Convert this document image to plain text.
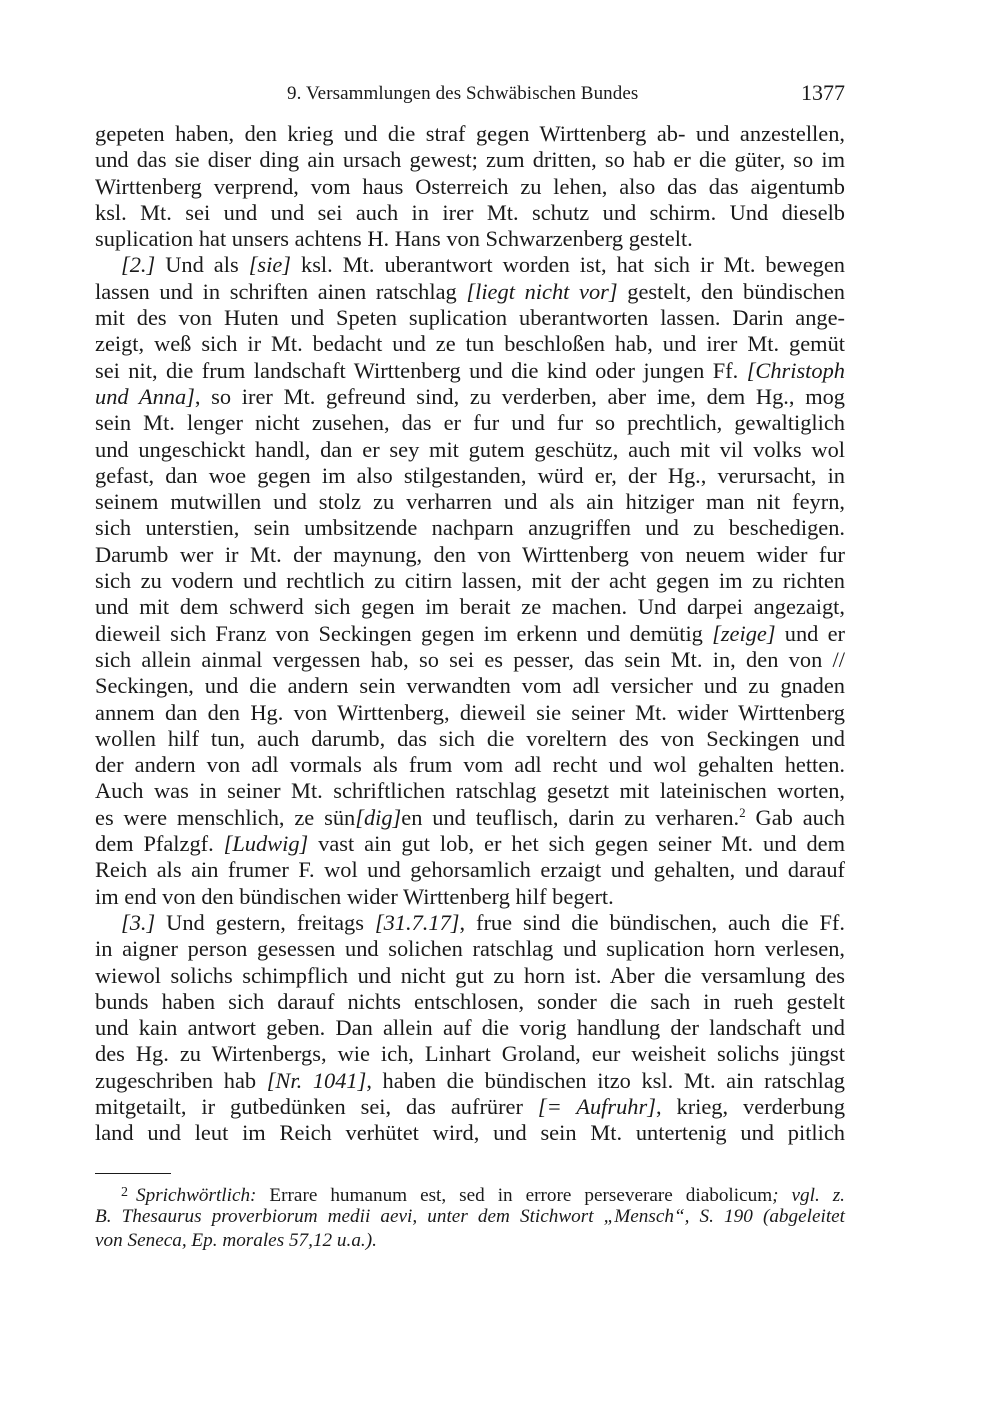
9. Versammlungen des Schwäbischen Bundes	1377
gepeten haben, den krieg und die straf gegen Wirttenberg ab- und anzestellen,
und das sie diser ding ain ursach gewest; zum dritten, so hab er die güter, so im
Wirttenberg verprend, vom haus Osterreich zu lehen, also das das aigentumb
ksl. Mt. sei und und sei auch in irer Mt. schutz und schirm. Und dieselb
suplication hat unsers achtens H. Hans von Schwarzenberg gestelt.
[2.] Und als [sie] ksl. Mt. uberantwort worden ist, hat sich ir Mt. bewegen
lassen und in schriften ainen ratschlag [liegt nicht vor] gestelt, den bündischen
mit des von Huten und Speten suplication uberantworten lassen. Darin ange-
zeigt, weß sich ir Mt. bedacht und ze tun beschloßen hab, und irer Mt. gemüt
sei nit, die frum landschaft Wirttenberg und die kind oder jungen Ff. [Christoph
und Anna], so irer Mt. gefreund sind, zu verderben, aber ime, dem Hg., mog
sein Mt. lenger nicht zusehen, das er fur und fur so prechtlich, gewaltiglich
und ungeschickt handl, dan er sey mit gutem geschütz, auch mit vil volks wol
gefast, dan woe gegen im also stilgestanden, würd er, der Hg., verursacht, in
seinem mutwillen und stolz zu verharren und als ain hitziger man nit feyrn,
sich unterstien, sein umbsitzende nachparn anzugriffen und zu beschedigen.
Darumb wer ir Mt. der maynung, den von Wirttenberg von neuem wider fur
sich zu vodern und rechtlich zu citirn lassen, mit der acht gegen im zu richten
und mit dem schwerd sich gegen im berait ze machen. Und darpei angezaigt,
dieweil sich Franz von Seckingen gegen im erkenn und demütig [zeige] und er
sich allein ainmal vergessen hab, so sei es pesser, das sein Mt. in, den von //
Seckingen, und die andern sein verwandten vom adl versicher und zu gnaden
annem dan den Hg. von Wirttenberg, dieweil sie seiner Mt. wider Wirttenberg
wollen hilf tun, auch darumb, das sich die voreltern des von Seckingen und
der andern von adl vormals als frum vom adl recht und wol gehalten hetten.
Auch was in seiner Mt. schriftlichen ratschlag gesetzt mit lateinischen worten,
es were menschlich, ze sün[dig]en und teuflisch, darin zu verharen.$^2$ Gab auch
dem Pfalzgf. [Ludwig] vast ain gut lob, er het sich gegen seiner Mt. und dem
Reich als ain frumer F. wol und gehorsamlich erzaigt und gehalten, und darauf
im end von den bündischen wider Wirttenberg hilf begert.
[3.] Und gestern, freitags [31.7.17], frue sind die bündischen, auch die Ff.
in aigner person gesessen und solichen ratschlag und suplication horn verlesen,
wiewol solichs schimpflich und nicht gut zu horn ist. Aber die versamlung des
bunds haben sich darauf nichts entschlosen, sonder die sach in rueh gestelt
und kain antwort geben. Dan allein auf die vorig handlung der landschaft und
des Hg. zu Wirtenbergs, wie ich, Linhart Groland, eur weisheit solichs jüngst
zugeschriben hab [Nr. 1041], haben die bündischen itzo ksl. Mt. ain ratschlag
mitgetailt, ir gutbedünken sei, das aufrürer [= Aufruhr], krieg, verderbung
land und leut im Reich verhütet wird, und sein Mt. untertenig und pitlich
$^2$ Sprichwörtlich: Errare humanum est, sed in errore perseverare diabolicum; vgl. z.
B. Thesaurus proverbiorum medii aevi, unter dem Stichwort „Mensch“, S. 190 (abgeleitet
von Seneca, Ep. morales 57,12 u.a.).
